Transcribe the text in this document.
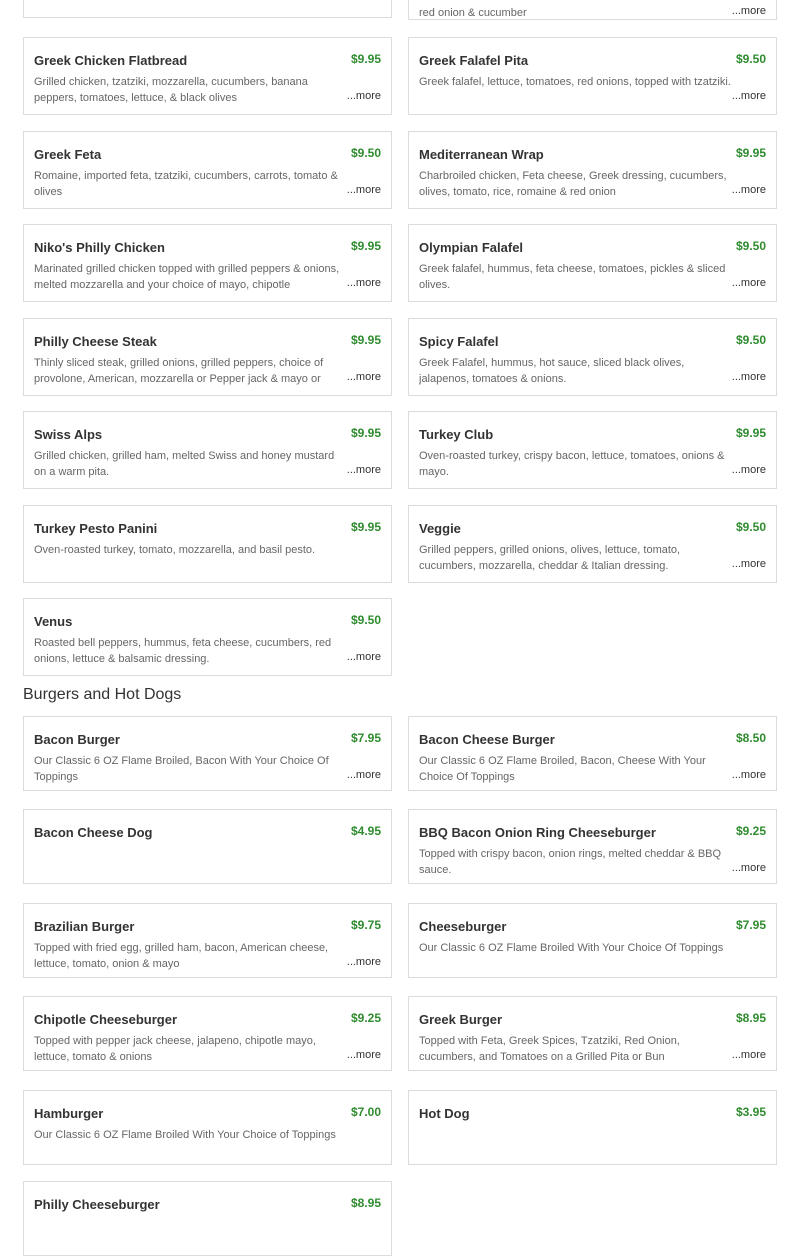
red onion & cucumber	...more
Greek Chicken Flatbread	$9.95
Grilled chicken, tzatziki, mozzarella, cucumbers, banana peppers, tomatoes, lettuce, & black olives	...more
Greek Falafel Pita	$9.50
Greek falafel, lettuce, tomatoes, red onions, topped with tzatziki.
...more
Greek Feta	$9.50
Romaine, imported feta, tzatziki, cucumbers, carrots, tomato & olives	...more
Mediterranean Wrap	$9.95
Charbroiled chicken, Feta cheese, Greek dressing, cucumbers, olives, tomato, rice, romaine & red onion	...more
Niko's Philly Chicken	$9.95
Marinated grilled chicken topped with grilled peppers & onions, melted mozzarella and your choice of mayo, chipotle	...more
Olympian Falafel	$9.50
Greek falafel, hummus, feta cheese, tomatoes, pickles & sliced olives.	...more
Philly Cheese Steak	$9.95
Thinly sliced steak, grilled onions, grilled peppers, choice of provolone, American, mozzarella or Pepper jack & mayo or	...more
Spicy Falafel	$9.50
Greek Falafel, hummus, hot sauce, sliced black olives, jalapenos, tomatoes & onions.	...more
Swiss Alps	$9.95
Grilled chicken, grilled ham, melted Swiss and honey mustard on a warm pita.	...more
Turkey Club	$9.95
Oven-roasted turkey, crispy bacon, lettuce, tomatoes, onions & mayo.	...more
Turkey Pesto Panini	$9.95
Oven-roasted turkey, tomato, mozzarella, and basil pesto.
Veggie	$9.50
Grilled peppers, grilled onions, olives, lettuce, tomato, cucumbers, mozzarella, cheddar & Italian dressing.	...more
Venus	$9.50
Roasted bell peppers, hummus, feta cheese, cucumbers, red onions, lettuce & balsamic dressing.	...more
Burgers and Hot Dogs
Bacon Burger	$7.95
Our Classic 6 OZ Flame Broiled, Bacon With Your Choice Of Toppings	...more
Bacon Cheese Burger	$8.50
Our Classic 6 OZ Flame Broiled, Bacon, Cheese With Your Choice Of Toppings	...more
Bacon Cheese Dog	$4.95	BBQ Bacon Onion Ring Cheeseburger	$9.25
Topped with crispy bacon, onion rings, melted cheddar & BBQ sauce.	...more
Brazilian Burger	$9.75
Topped with fried egg, grilled ham, bacon, American cheese, lettuce, tomato, onion & mayo	...more
Cheeseburger	$7.95
Our Classic 6 OZ Flame Broiled With Your Choice Of Toppings
Chipotle Cheeseburger	$9.25
Topped with pepper jack cheese, jalapeno, chipotle mayo, lettuce, tomato & onions	...more
Greek Burger	$8.95
Topped with Feta, Greek Spices, Tzatziki, Red Onion, cucumbers, and Tomatoes on a Grilled Pita or Bun	...more
Hamburger	$7.00
Our Classic 6 OZ Flame Broiled With Your Choice of Toppings
Hot Dog	$3.95
Philly Cheeseburger	$8.95
